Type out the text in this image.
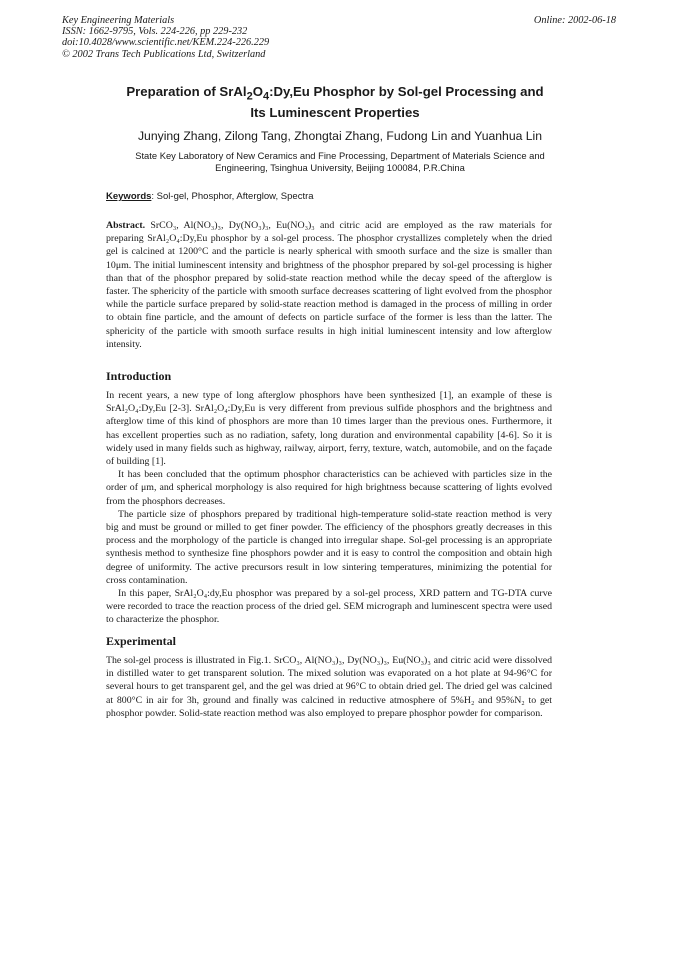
Key Engineering Materials
ISSN: 1662-9795, Vols. 224-226, pp 229-232
doi:10.4028/www.scientific.net/KEM.224-226.229
© 2002 Trans Tech Publications Ltd, Switzerland
Online: 2002-06-18
Preparation of $SrAl_2O_4:Dy,Eu$ Phosphor by Sol-gel Processing and
Its Luminescent Properties
Junying Zhang, Zilong Tang, Zhongtai Zhang, Fudong Lin and Yuanhua Lin
State Key Laboratory of New Ceramics and Fine Processing, Department of Materials Science and
Engineering, Tsinghua University, Beijing 100084, P.R.China
Keywords: Sol-gel, Phosphor, Afterglow, Spectra
Abstract. SrCO₃, Al(NO₃)₃, Dy(NO₃)₃, Eu(NO₃)₃ and citric acid are employed as the raw materials for preparing SrAl₂O₄:Dy,Eu phosphor by a sol-gel process. The phosphor crystallizes completely when the dried gel is calcined at 1200°C and the particle is nearly spherical with smooth surface and the size is smaller than 10μm. The initial luminescent intensity and brightness of the phosphor prepared by sol-gel processing is higher than that of the phosphor prepared by solid-state reaction method while the decay speed of the afterglow is faster. The sphericity of the particle with smooth surface decreases scattering of light evolved from the phosphor while the particle surface prepared by solid-state reaction method is damaged in the process of milling in order to obtain fine particle, and the amount of defects on particle surface of the former is less than the latter. The sphericity of the particle with smooth surface results in high initial luminescent intensity and low afterglow intensity.
Introduction

In recent years, a new type of long afterglow phosphors have been synthesized [1], an example of these is SrAl₂O₄:Dy,Eu [2-3]. SrAl₂O₄:Dy,Eu is very different from previous sulfide phosphors and the brightness and afterglow time of this kind of phosphors are more than 10 times larger than the previous ones. Furthermore, it has excellent properties such as no radiation, safety, long duration and environmental capability [4-6]. So it is widely used in many fields such as highway, railway, airport, ferry, texture, watch, automobile, and on the façade of building [1].

It has been concluded that the optimum phosphor characteristics can be achieved with particles size in the order of μm, and spherical morphology is also required for high brightness because scattering of lights evolved from the phosphors decreases.

The particle size of phosphors prepared by traditional high-temperature solid-state reaction method is very big and must be ground or milled to get finer powder. The efficiency of the phosphors greatly decreases in this process and the morphology of the particle is changed into irregular shape. Sol-gel processing is an appropriate synthesis method to synthesize fine phosphors powder and it is easy to control the composition and obtain high degree of uniformity. The active precursors result in low sintering temperatures, minimizing the potential for cross contamination.

In this paper, SrAl₂O₄:dy,Eu phosphor was prepared by a sol-gel process, XRD pattern and TG-DTA curve were recorded to trace the reaction process of the dried gel. SEM micrograph and luminescent spectra were used to characterize the phosphor.

Experimental

The sol-gel process is illustrated in Fig.1. SrCO₃, Al(NO₃)₃, Dy(NO₃)₃, Eu(NO₃)₃ and citric acid were dissolved in distilled water to get transparent solution. The mixed solution was evaporated on a hot plate at 94-96°C for several hours to get transparent gel, and the gel was dried at 96°C to obtain dried gel. The dried gel was calcined at 800°C in air for 3h, ground and finally was calcined in reductive atmosphere of 5%H₂ and 95%N₂ to get phosphor powder. Solid-state reaction method was also employed to prepare phosphor powder for comparison.
